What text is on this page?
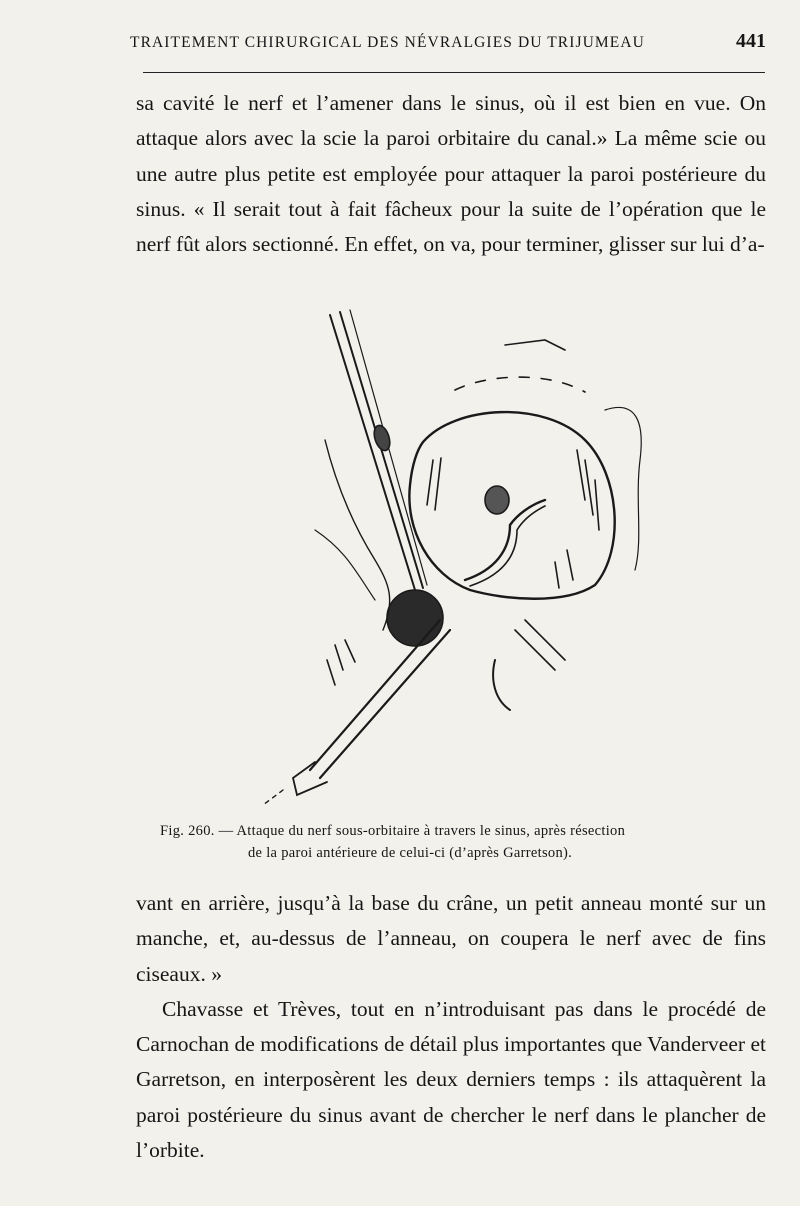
TRAITEMENT CHIRURGICAL DES NÉVRALGIES DU TRIJUMEAU	441

sa cavité le nerf et l’amener dans le sinus, où il est bien en vue. On attaque alors avec la scie la paroi orbitaire du canal.» La même scie ou une autre plus petite est employée pour attaquer la paroi postérieure du sinus. « Il serait tout à fait fâcheux pour la suite de l’opération que le nerf fût alors sectionné. En effet, on va, pour terminer, glisser sur lui d’a-

Fig. 260. — Attaque du nerf sous-orbitaire à travers le sinus, après résection
de la paroi antérieure de celui-ci (d’après Garretson).

vant en arrière, jusqu’à la base du crâne, un petit anneau monté sur un manche, et, au-dessus de l’anneau, on coupera le nerf avec de fins ciseaux. »

Chavasse et Trèves, tout en n’introduisant pas dans le procédé de Carnochan de modifications de détail plus importantes que Vanderveer et Garretson, en interposèrent les deux derniers temps : ils attaquèrent la paroi postérieure du sinus avant de chercher le nerf dans le plancher de l’orbite.
